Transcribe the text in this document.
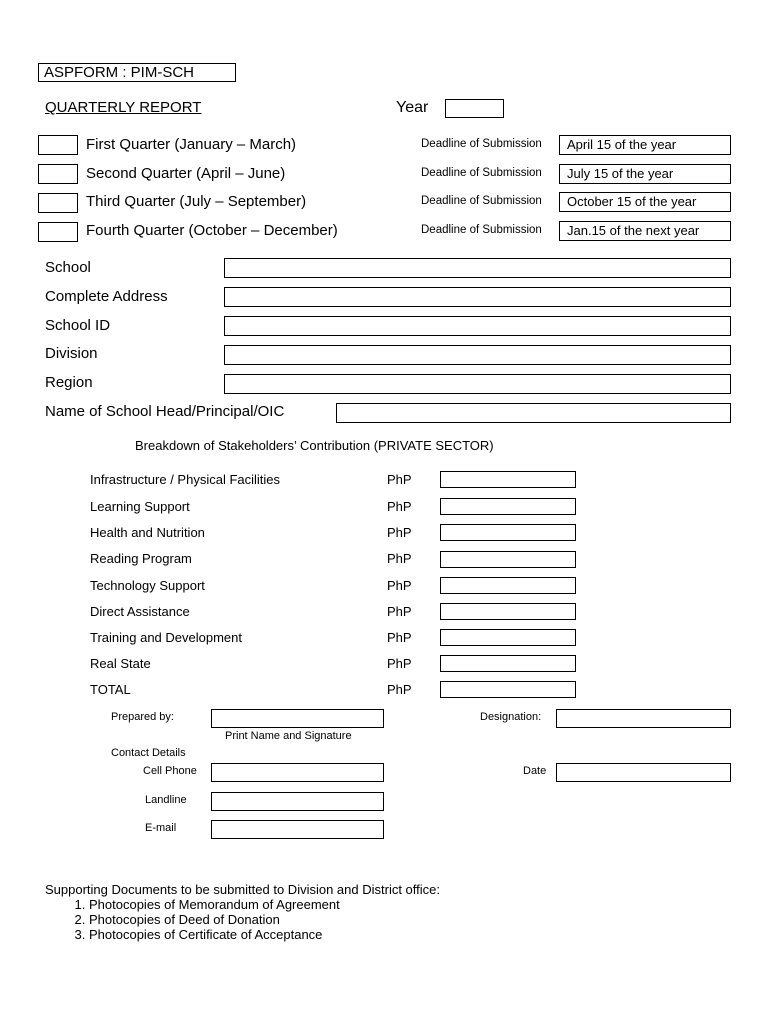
ASPFORM : PIM-SCH
QUARTERLY REPORT	Year
First Quarter (January – March)	Deadline of Submission	April 15 of the year
Second Quarter (April – June)	Deadline of Submission	July 15 of the year
Third Quarter (July – September)	Deadline of Submission	October 15 of the year
Fourth Quarter (October – December)	Deadline of Submission	Jan.15 of the next year
School
Complete Address
School ID
Division
Region
Name of School Head/Principal/OIC
Breakdown of Stakeholders’ Contribution (PRIVATE SECTOR)
Infrastructure / Physical Facilities	PhP
Learning Support	PhP
Health and Nutrition	PhP
Reading Program	PhP
Technology Support	PhP
Direct Assistance	PhP
Training and Development	PhP
Real State	PhP
TOTAL	PhP
Prepared by:
Print Name and Signature
Designation:
Contact Details
Cell Phone	Date
Landline
E-mail
Supporting Documents to be submitted to Division and District office:
1. Photocopies of Memorandum of Agreement
2. Photocopies of Deed of Donation
3. Photocopies of Certificate of Acceptance
